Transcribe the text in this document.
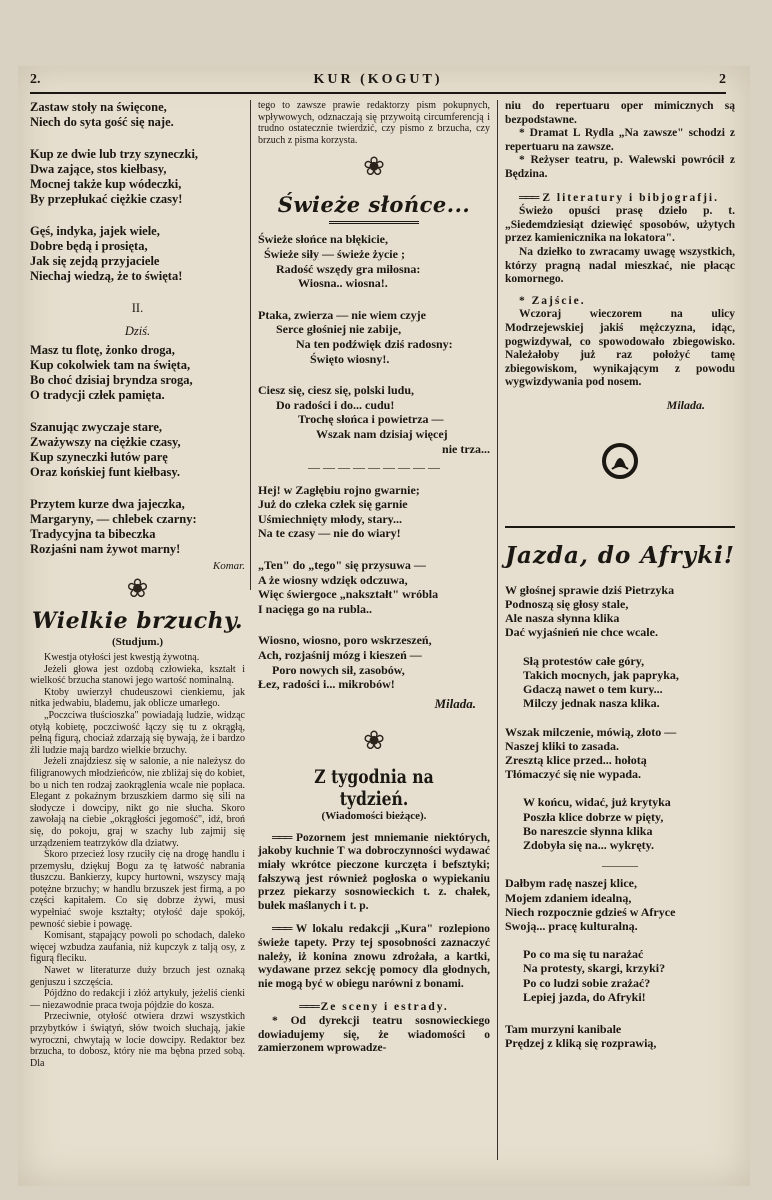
2.	KUR (KOGUT)	2

Zastaw stoły na święcone,

Niech do syta gość się naje.

Kup ze dwie lub trzy szyneczki,

Dwa zające, stos kiełbasy,

Mocnej także kup wódeczki,

By przepłukać ciężkie czasy!

Gęś, indyka, jajek wiele,

Dobre będą i prosięta,

Jak się zejdą przyjaciele

Niechaj wiedzą, że to święta!

II.

Dziś.

Masz tu flotę, żonko droga,

Kup cokolwiek tam na święta,

Bo choć dzisiaj bryndza sroga,

O tradycji człek pamięta.

Szanując zwyczaje stare,

Zważywszy na ciężkie czasy,

Kup szyneczki łutów parę

Oraz końskiej funt kiełbasy.

Przytem kurze dwa jajeczka,

Margaryny, — chlebek czarny:

Tradycyjna ta bibeczka

Rozjaśni nam żywot marny!

Komar.

❀
Wielkie brzuchy.
(Studjum.)

Kwestja otyłości jest kwestją żywotną.

Jeżeli głowa jest ozdobą człowieka, kształt i wielkość brzucha stanowi jego wartość nominalną.

Ktoby uwierzył chudeuszowi cienkiemu, jak nitka jedwabiu, blademu, jak oblicze umarłego.

„Poczciwa tłuścioszka" powiadają ludzie, widząc otyłą kobietę, poczciwość łączy się tu z okrągłą, pełną figurą, chociaż zdarzają się bywają, że i bardzo źli ludzie mają bardzo wielkie brzuchy.

Jeżeli znajdziesz się w salonie, a nie należysz do filigranowych młodzieńców, nie zbliżaj się do kobiet, bo u nich ten rodzaj zaokrąglenia wcale nie popłaca. Elegant z pokaźnym brzuszkiem darmo się sili na słodycze i dowcipy, nikt go nie słucha. Skoro zawołają na ciebie „okrągłości jegomość", idź, broń się, do pokoju, graj w szachy lub zajmij się urządzeniem teatrzyków dla dziatwy.

Skoro przecież losy rzuciły cię na drogę handlu i przemysłu, dziękuj Bogu za tę łatwość nabrania tłuszczu. Bankierzy, kupcy hurtowni, wszyscy mają potężne brzuchy; w handlu brzuszek jest firmą, a po części kapitałem. Co się dobrze żywi, musi wypełniać swoje kształty; otyłość daje spokój, pewność siebie i powagę.

Komisant, stąpający powoli po schodach, daleko więcej wzbudza zaufania, niż kupczyk z talją osy, z figurą fleciku.

Nawet w literaturze duży brzuch jest oznaką genjuszu i szczęścia.

Pójdźno do redakcji i złóż artykuły, jeżeliś cienki — niezawodnie praca twoja pójdzie do kosza.

Przeciwnie, otyłość otwiera drzwi wszystkich przybytków i świątyń, słów twoich słuchają, jakie wyroczni, chwytają w locie dowcipy. Redaktor bez brzucha, to dobosz, który nie ma bębna przed sobą. Dla

tego to zawsze prawie redaktorzy pism pokupnych, wpływowych, odznaczają się przywoitą circumferencją i trudno ostatecznie twierdzić, czy pismo z brzucha, czy brzuch z pisma korzysta.

❀
Świeże słońce...

Świeże słońce na błękicie,

Świeże siły — świeże życie ;

Radość wszędy gra miłosna:

Wiosna.. wiosna!.

Ptaka, zwierza — nie wiem czyje

Serce głośniej nie zabije,

Na ten podźwięk dziś radosny:

Święto wiosny!.

Ciesz się, ciesz się, polski ludu,

Do radości i do... cudu!

Trochę słońca i powietrza —

Wszak nam dzisiaj więcej

nie trza...

— — — — — — — — —

Hej! w Zagłębiu rojno gwarnie;

Już do człeka człek się garnie

Uśmiechnięty młody, stary...

Na te czasy — nie do wiary!

„Ten" do „tego" się przysuwa —

A że wiosny wdzięk odczuwa,

Więc świergoce „nakształt" wróbla

I nacięga go na rubla..

Wiosno, wiosno, poro wskrzeszeń,

Ach, rozjaśnij mózg i kieszeń —

Poro nowych sił, zasobów,

Łez, radości i... mikrobów!

Milada.

❀
Z tygodnia na tydzień.
(Wiadomości bieżące).

═══ Pozornem jest mniemanie niektórych, jakoby kuchnie T wa dobroczynności wydawać miały wkrótce pieczone kurczęta i befsztyki; fałszywą jest również pogłoska o wypiekaniu przez piekarzy sosnowieckich t. z. chałek, bułek maślanych i t. p.

═══ W lokalu redakcji „Kura" rozlepiono świeże tapety. Przy tej sposobności zaznaczyć należy, iż konina znowu zdrożała, a kartki, wydawane przez sekcję pomocy dla głodnych, nie mogą być w obiegu narówni z bonami.

═══ Ze sceny i estrady.

* Od dyrekcji teatru sosnowieckiego dowiadujemy się, że wiadomości o zamierzonem wprowadze-

niu do repertuaru oper mimicznych są bezpodstawne.

* Dramat L Rydla „Na zawsze" schodzi z repertuaru na zawsze.

* Reżyser teatru, p. Walewski powrócił z Będzina.

═══ Z literatury i bibjografji.

Świeżo opuści prasę dzieło p. t. „Siedemdziesiąt dziewięć sposobów, użytych przez kamienicznika na lokatora".

Na dziełko to zwracamy uwagę wszystkich, którzy pragną nadal mieszkać, nie płacąc komornego.

* Zajście.

Wczoraj wieczorem na ulicy Modrzejewskiej jakiś mężczyzna, idąc, pogwizdywał, co spowodowało zbiegowisko. Należałoby już raz położyć tamę zbiegowiskom, wynikającym z powodu wygwizdywania pod nosem.

Milada.

Jazda, do Afryki!

W głośnej sprawie dziś Pietrzyka

Podnoszą się głosy stale,

Ale nasza słynna klika

Dać wyjaśnień nie chce wcale.

Słą protestów całe góry,

Takich mocnych, jak papryka,

Gdaczą nawet o tem kury...

Milczy jednak nasza klika.

Wszak milczenie, mówią, złoto —

Naszej kliki to zasada.

Zresztą klice przed... hołotą

Tłómaczyć się nie wypada.

W końcu, widać, już krytyka

Poszła klice dobrze w pięty,

Bo nareszcie słynna klika

Zdobyła się na... wykręty.

———

Dałbym radę naszej klice,

Mojem zdaniem idealną,

Niech rozpocznie gdzieś w Afryce

Swoją... pracę kulturalną.

Po co ma się tu narażać

Na protesty, skargi, krzyki?

Po co ludzi sobie zrażać?

Lepiej jazda, do Afryki!

Tam murzyni kanibale

Prędzej z kliką się rozprawią,
